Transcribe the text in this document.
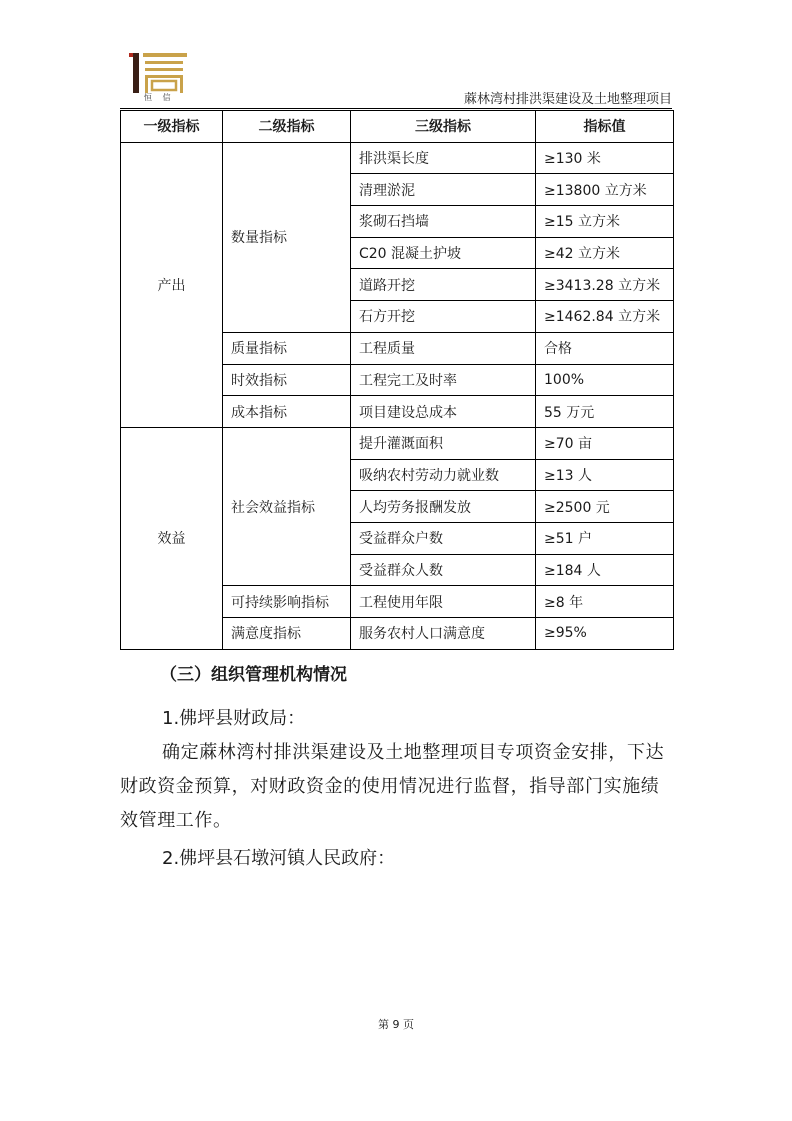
恒 信	蔴林湾村排洪渠建设及土地整理项目
一级指标	二级指标	三级指标	指标值
产出	数量指标	排洪渠长度	≥130 米
		清理淤泥	≥13800 立方米
		浆砌石挡墙	≥15 立方米
		C20 混凝土护坡	≥42 立方米
		道路开挖	≥3413.28 立方米
		石方开挖	≥1462.84 立方米
	质量指标	工程质量	合格
	时效指标	工程完工及时率	100%
	成本指标	项目建设总成本	55 万元
效益	社会效益指标	提升灌溉面积	≥70 亩
		吸纳农村劳动力就业数	≥13 人
		人均劳务报酬发放	≥2500 元
		受益群众户数	≥51 户
		受益群众人数	≥184 人
	可持续影响指标	工程使用年限	≥8 年
	满意度指标	服务农村人口满意度	≥95%
（三）组织管理机构情况
1.佛坪县财政局：
确定蔴林湾村排洪渠建设及土地整理项目专项资金安排，下达财政资金预算，对财政资金的使用情况进行监督，指导部门实施绩效管理工作。
2.佛坪县石墩河镇人民政府：
第 9 页
